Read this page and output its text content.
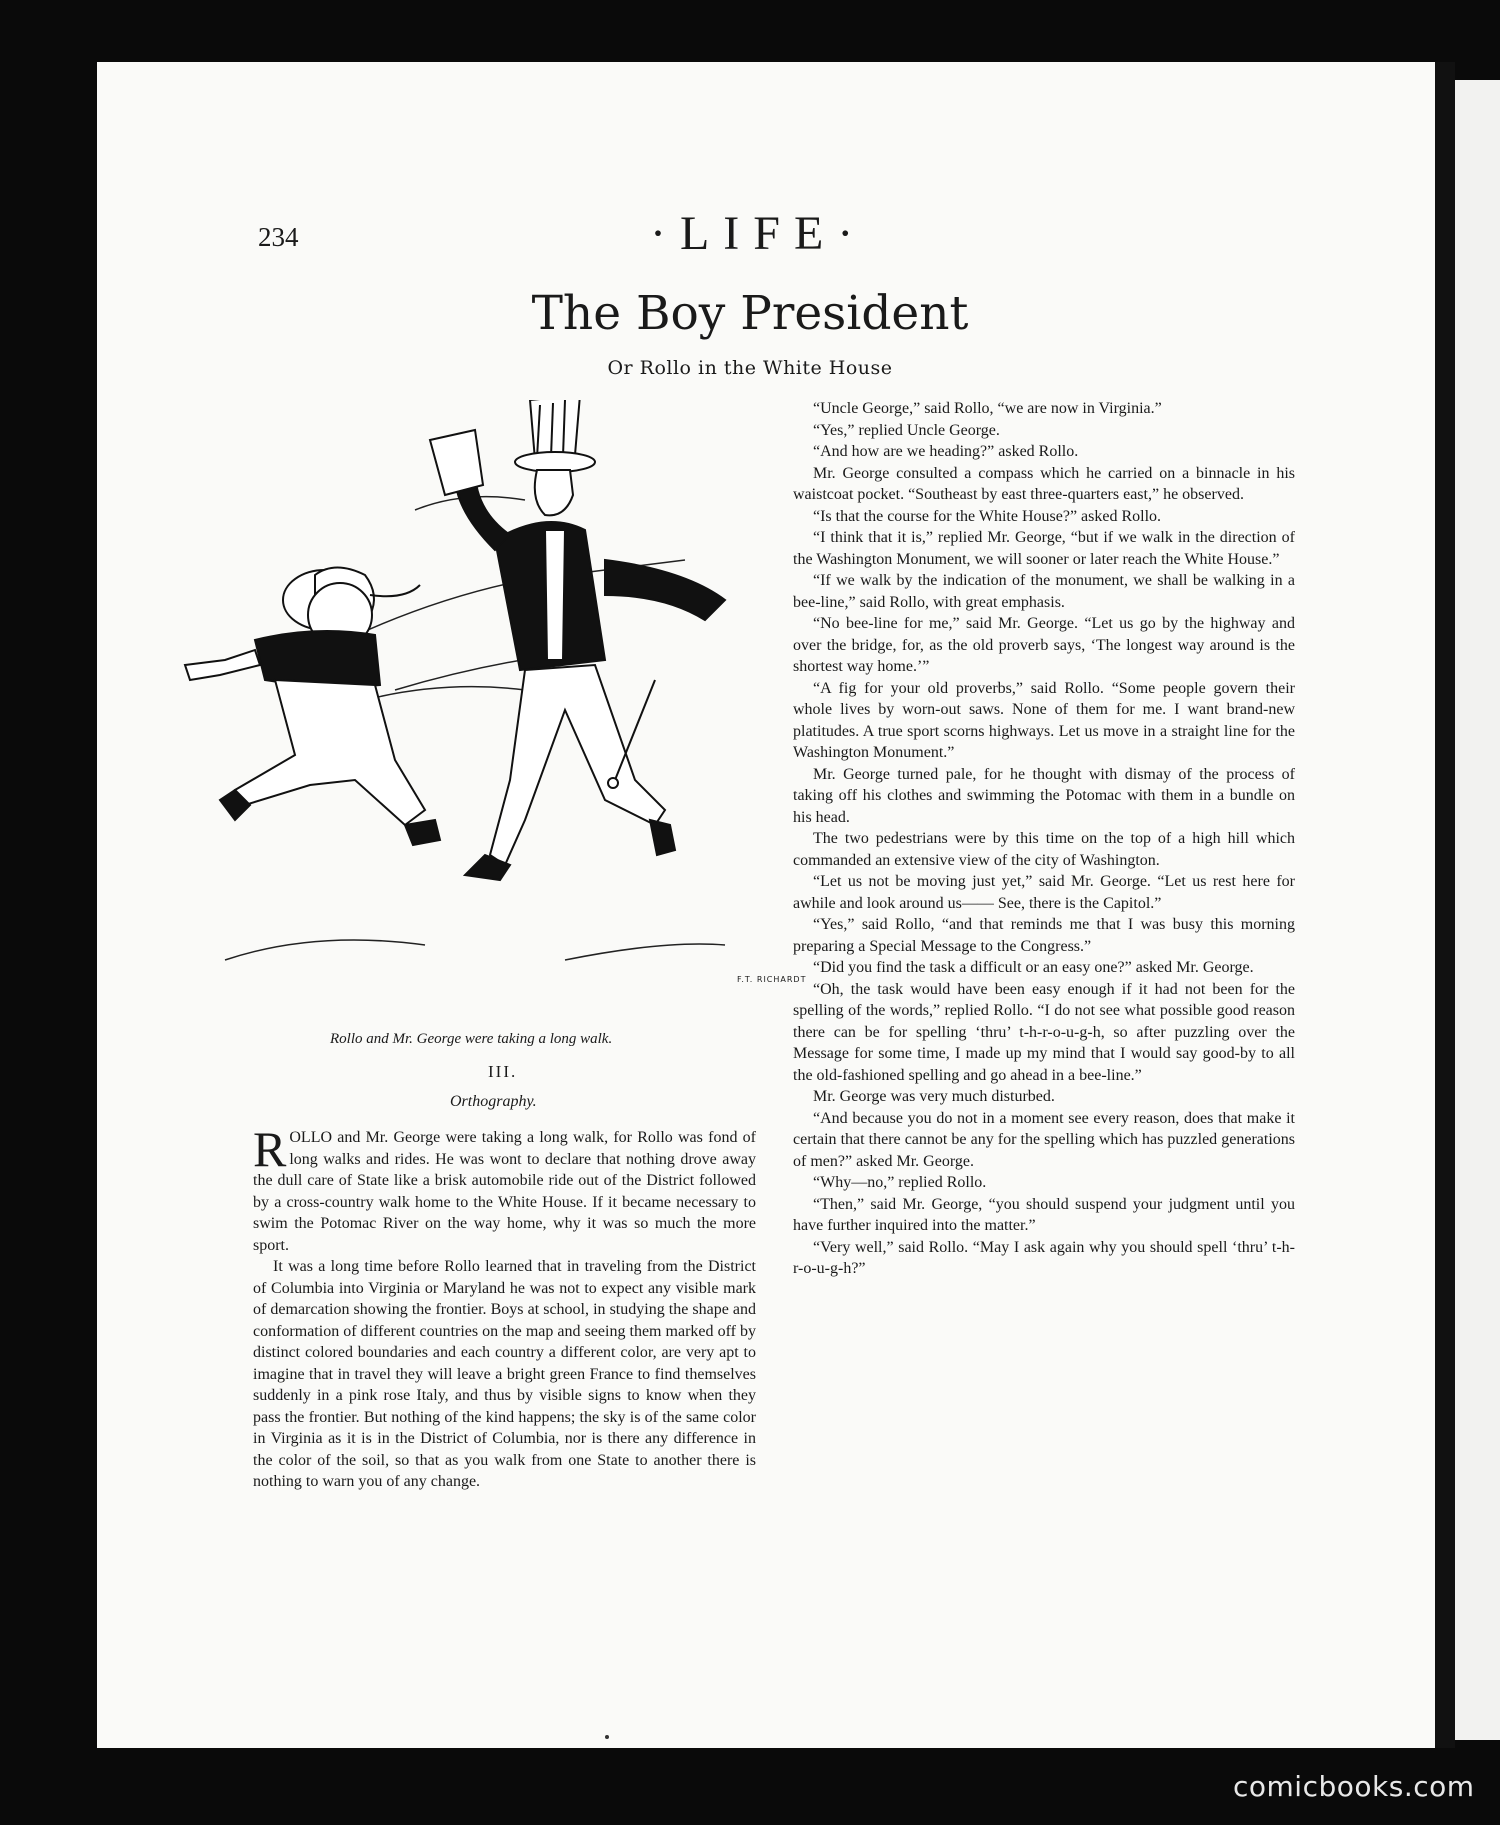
234	·LIFE·
The Boy President
Or Rollo in the White House
F.T. RICHARDT
Rollo and Mr. George were taking a long walk.
III.
Orthography.

ROLLO and Mr. George were taking a long walk, for Rollo was fond of long walks and rides. He was wont to declare that nothing drove away the dull care of State like a brisk automobile ride out of the District followed by a cross-country walk home to the White House. If it became necessary to swim the Potomac River on the way home, why it was so much the more sport.

It was a long time before Rollo learned that in traveling from the District of Columbia into Virginia or Maryland he was not to expect any visible mark of demarcation showing the frontier. Boys at school, in studying the shape and conformation of different countries on the map and seeing them marked off by distinct colored boundaries and each country a different color, are very apt to imagine that in travel they will leave a bright green France to find themselves suddenly in a pink rose Italy, and thus by visible signs to know when they pass the frontier. But nothing of the kind happens; the sky is of the same color in Virginia as it is in the District of Columbia, nor is there any difference in the color of the soil, so that as you walk from one State to another there is nothing to warn you of any change.

“Uncle George,” said Rollo, “we are now in Virginia.”

“Yes,” replied Uncle George.

“And how are we heading?” asked Rollo.

Mr. George consulted a compass which he carried on a binnacle in his waistcoat pocket. “Southeast by east three-quarters east,” he observed.

“Is that the course for the White House?” asked Rollo.

“I think that it is,” replied Mr. George, “but if we walk in the direction of the Washington Monument, we will sooner or later reach the White House.”

“If we walk by the indication of the monument, we shall be walking in a bee-line,” said Rollo, with great emphasis.

“No bee-line for me,” said Mr. George. “Let us go by the highway and over the bridge, for, as the old proverb says, ‘The longest way around is the shortest way home.’”

“A fig for your old proverbs,” said Rollo. “Some people govern their whole lives by worn-out saws. None of them for me. I want brand-new platitudes. A true sport scorns highways. Let us move in a straight line for the Washington Monument.”

Mr. George turned pale, for he thought with dismay of the process of taking off his clothes and swimming the Potomac with them in a bundle on his head.

The two pedestrians were by this time on the top of a high hill which commanded an extensive view of the city of Washington.

“Let us not be moving just yet,” said Mr. George. “Let us rest here for awhile and look around us—— See, there is the Capitol.”

“Yes,” said Rollo, “and that reminds me that I was busy this morning preparing a Special Message to the Congress.”

“Did you find the task a difficult or an easy one?” asked Mr. George.

“Oh, the task would have been easy enough if it had not been for the spelling of the words,” replied Rollo. “I do not see what possible good reason there can be for spelling ‘thru’ t-h-r-o-u-g-h, so after puzzling over the Message for some time, I made up my mind that I would say good-by to all the old-fashioned spelling and go ahead in a bee-line.”

Mr. George was very much disturbed.

“And because you do not in a moment see every reason, does that make it certain that there cannot be any for the spelling which has puzzled generations of men?” asked Mr. George.

“Why—no,” replied Rollo.

“Then,” said Mr. George, “you should suspend your judgment until you have further inquired into the matter.”

“Very well,” said Rollo. “May I ask again why you should spell ‘thru’ t-h-r-o-u-g-h?”

comicbooks.com
